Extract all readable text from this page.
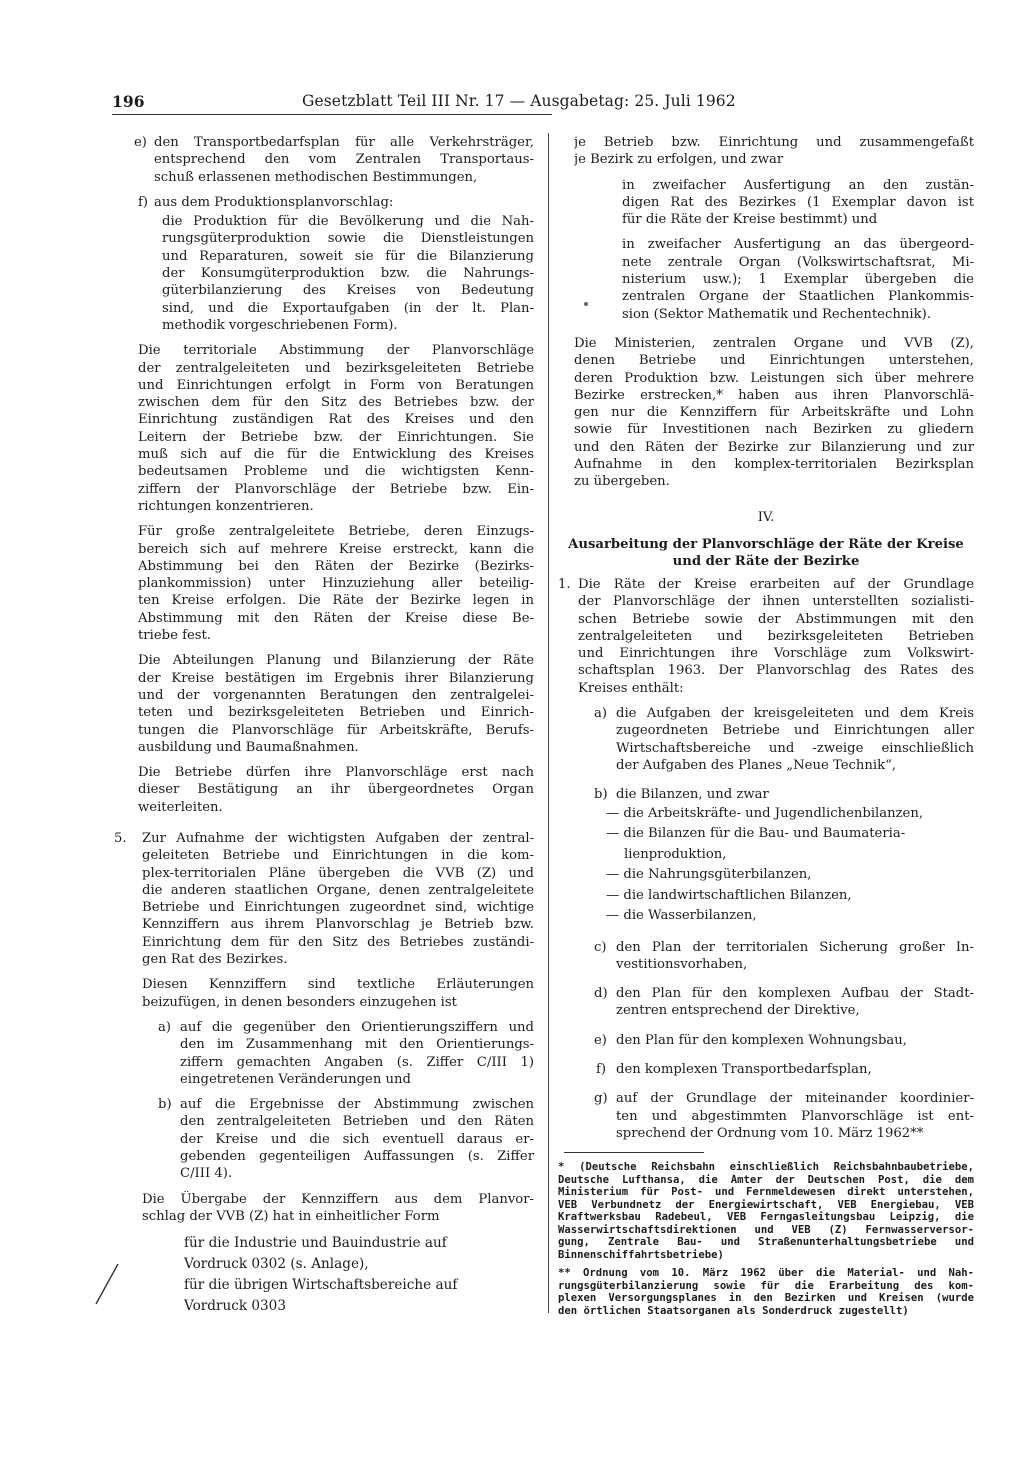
196	Gesetzblatt Teil III Nr. 17 — Ausgabetag: 25. Juli 1962
e) den Transportbedarfsplan für alle Verkehrsträger,
entsprechend den vom Zentralen Transportaus-
schuß erlassenen methodischen Bestimmungen,
f) aus dem Produktionsplanvorschlag:
die Produktion für die Bevölkerung und die Nah-
rungsgüterproduktion sowie die Dienstleistungen
und Reparaturen, soweit sie für die Bilanzierung
der Konsumgüterproduktion bzw. die Nahrungs-
güterbilanzierung des Kreises von Bedeutung
sind, und die Exportaufgaben (in der lt. Plan-
methodik vorgeschriebenen Form).
Die territoriale Abstimmung der Planvorschläge
der zentralgeleiteten und bezirksgeleiteten Betriebe
und Einrichtungen erfolgt in Form von Beratungen
zwischen dem für den Sitz des Betriebes bzw. der
Einrichtung zuständigen Rat des Kreises und den
Leitern der Betriebe bzw. der Einrichtungen. Sie
muß sich auf die für die Entwicklung des Kreises
bedeutsamen Probleme und die wichtigsten Kenn-
ziffern der Planvorschläge der Betriebe bzw. Ein-
richtungen konzentrieren.
Für große zentralgeleitete Betriebe, deren Einzugs-
bereich sich auf mehrere Kreise erstreckt, kann die
Abstimmung bei den Räten der Bezirke (Bezirks-
plankommission) unter Hinzuziehung aller beteilig-
ten Kreise erfolgen. Die Räte der Bezirke legen in
Abstimmung mit den Räten der Kreise diese Be-
triebe fest.
Die Abteilungen Planung und Bilanzierung der Räte
der Kreise bestätigen im Ergebnis ihrer Bilanzierung
und der vorgenannten Beratungen den zentralgelei-
teten und bezirksgeleiteten Betrieben und Einrich-
tungen die Planvorschläge für Arbeitskräfte, Berufs-
ausbildung und Baumaßnahmen.
Die Betriebe dürfen ihre Planvorschläge erst nach
dieser Bestätigung an ihr übergeordnetes Organ
weiterleiten.
5. Zur Aufnahme der wichtigsten Aufgaben der zentral-
geleiteten Betriebe und Einrichtungen in die kom-
plex-territorialen Pläne übergeben die VVB (Z) und
die anderen staatlichen Organe, denen zentralgeleitete
Betriebe und Einrichtungen zugeordnet sind, wichtige
Kennziffern aus ihrem Planvorschlag je Betrieb bzw.
Einrichtung dem für den Sitz des Betriebes zuständi-
gen Rat des Bezirkes.
Diesen Kennziffern sind textliche Erläuterungen
beizufügen, in denen besonders einzugehen ist
a) auf die gegenüber den Orientierungsziffern und
den im Zusammenhang mit den Orientierungs-
ziffern gemachten Angaben (s. Ziffer C/III 1)
eingetretenen Veränderungen und
b) auf die Ergebnisse der Abstimmung zwischen
den zentralgeleiteten Betrieben und den Räten
der Kreise und die sich eventuell daraus er-
gebenden gegenteiligen Auffassungen (s. Ziffer
C/III 4).
Die Übergabe der Kennziffern aus dem Planvor-
schlag der VVB (Z) hat in einheitlicher Form
für die Industrie und Bauindustrie auf
Vordruck 0302 (s. Anlage),
für die übrigen Wirtschaftsbereiche auf
Vordruck 0303
je Betrieb bzw. Einrichtung und zusammengefaßt
je Bezirk zu erfolgen, und zwar
in zweifacher Ausfertigung an den zustän-
digen Rat des Bezirkes (1 Exemplar davon ist
für die Räte der Kreise bestimmt) und
in zweifacher Ausfertigung an das übergeord-
nete zentrale Organ (Volkswirtschaftsrat, Mi-
nisterium usw.); 1 Exemplar übergeben die
zentralen Organe der Staatlichen Plankommis-
sion (Sektor Mathematik und Rechentechnik).
Die Ministerien, zentralen Organe und VVB (Z),
denen Betriebe und Einrichtungen unterstehen,
deren Produktion bzw. Leistungen sich über mehrere
Bezirke erstrecken,* haben aus ihren Planvorschlä-
gen nur die Kennziffern für Arbeitskräfte und Lohn
sowie für Investitionen nach Bezirken zu gliedern
und den Räten der Bezirke zur Bilanzierung und zur
Aufnahme in den komplex-territorialen Bezirksplan
zu übergeben.
IV.
Ausarbeitung der Planvorschläge der Räte der Kreise
und der Räte der Bezirke
1. Die Räte der Kreise erarbeiten auf der Grundlage
der Planvorschläge der ihnen unterstellten sozialisti-
schen Betriebe sowie der Abstimmungen mit den
zentralgeleiteten und bezirksgeleiteten Betrieben
und Einrichtungen ihre Vorschläge zum Volkswirt-
schaftsplan 1963. Der Planvorschlag des Rates des
Kreises enthält:
a) die Aufgaben der kreisgeleiteten und dem Kreis
zugeordneten Betriebe und Einrichtungen aller
Wirtschaftsbereiche und -zweige einschließlich
der Aufgaben des Planes „Neue Technik“,
b) die Bilanzen, und zwar
— die Arbeitskräfte- und Jugendlichenbilanzen,
— die Bilanzen für die Bau- und Baumateria-
lienproduktion,
— die Nahrungsgüterbilanzen,
— die landwirtschaftlichen Bilanzen,
— die Wasserbilanzen,
c) den Plan der territorialen Sicherung großer In-
vestitionsvorhaben,
d) den Plan für den komplexen Aufbau der Stadt-
zentren entsprechend der Direktive,
e) den Plan für den komplexen Wohnungsbau,
f) den komplexen Transportbedarfsplan,
g) auf der Grundlage der miteinander koordinier-
ten und abgestimmten Planvorschläge ist ent-
sprechend der Ordnung vom 10. März 1962**
* (Deutsche Reichsbahn einschließlich Reichsbahnbaubetriebe,
Deutsche Lufthansa, die Ämter der Deutschen Post, die dem
Ministerium für Post- und Fernmeldewesen direkt unterstehen,
VEB Verbundnetz der Energiewirtschaft, VEB Energiebau, VEB
Kraftwerksbau Radebeul, VEB Ferngasleitungsbau Leipzig, die
Wasserwirtschaftsdirektionen und VEB (Z) Fernwasserversor-
gung, Zentrale Bau- und Straßenunterhaltungsbetriebe und
Binnenschiffahrtsbetriebe)
** Ordnung vom 10. März 1962 über die Material- und Nah-
rungsgüterbilanzierung sowie für die Erarbeitung des kom-
plexen Versorgungsplanes in den Bezirken und Kreisen (wurde
den örtlichen Staatsorganen als Sonderdruck zugestellt)
